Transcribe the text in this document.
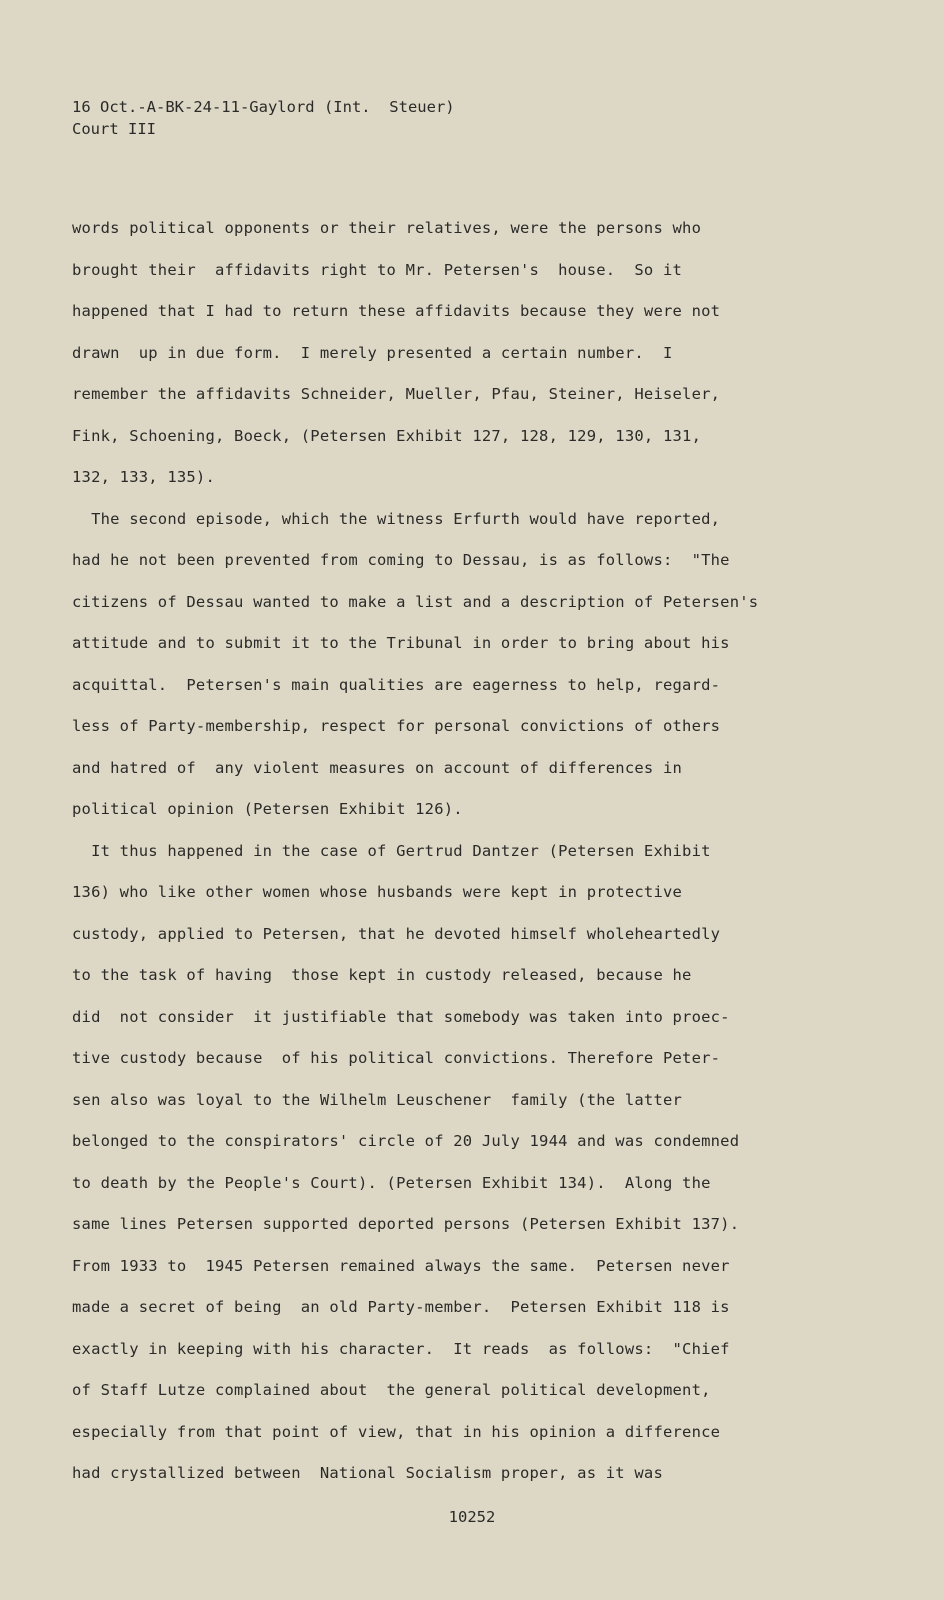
16 Oct.-A-BK-24-11-Gaylord (Int.  Steuer)
Court III
words political opponents or their relatives, were the persons who
brought their  affidavits right to Mr. Petersen's  house.  So it
happened that I had to return these affidavits because they were not
drawn  up in due form.  I merely presented a certain number.  I
remember the affidavits Schneider, Mueller, Pfau, Steiner, Heiseler,
Fink, Schoening, Boeck, (Petersen Exhibit 127, 128, 129, 130, 131,
132, 133, 135).
The second episode, which the witness Erfurth would have reported,
had he not been prevented from coming to Dessau, is as follows:  "The
citizens of Dessau wanted to make a list and a description of Petersen's
attitude and to submit it to the Tribunal in order to bring about his
acquittal.  Petersen's main qualities are eagerness to help, regard-
less of Party-membership, respect for personal convictions of others
and hatred of  any violent measures on account of differences in
political opinion (Petersen Exhibit 126).
It thus happened in the case of Gertrud Dantzer (Petersen Exhibit
136) who like other women whose husbands were kept in protective
custody, applied to Petersen, that he devoted himself wholeheartedly
to the task of having  those kept in custody released, because he
did  not consider  it justifiable that somebody was taken into proec-
tive custody because  of his political convictions. Therefore Peter-
sen also was loyal to the Wilhelm Leuschener  family (the latter
belonged to the conspirators' circle of 20 July 1944 and was condemned
to death by the People's Court). (Petersen Exhibit 134).  Along the
same lines Petersen supported deported persons (Petersen Exhibit 137).
From 1933 to  1945 Petersen remained always the same.  Petersen never
made a secret of being  an old Party-member.  Petersen Exhibit 118 is
exactly in keeping with his character.  It reads  as follows:  "Chief
of Staff Lutze complained about  the general political development,
especially from that point of view, that in his opinion a difference
had crystallized between  National Socialism proper, as it was
10252
